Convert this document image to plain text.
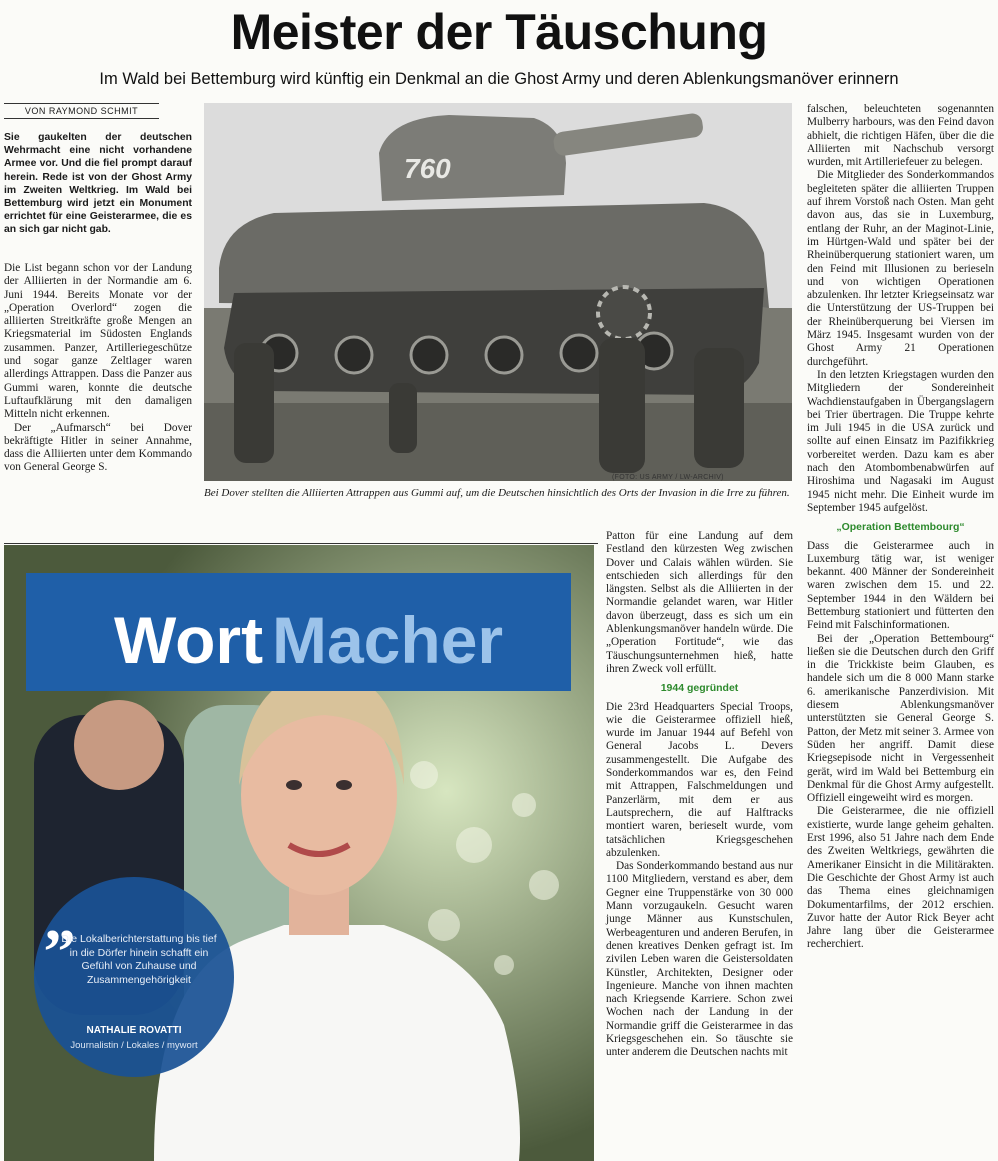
Meister der Täuschung
Im Wald bei Bettemburg wird künftig ein Denkmal an die Ghost Army und deren Ablenkungsmanöver erinnern
VON RAYMOND SCHMIT
Sie gaukelten der deutschen Wehrmacht eine nicht vorhandene Armee vor. Und die fiel prompt darauf herein. Rede ist von der Ghost Army im Zweiten Weltkrieg. Im Wald bei Bettemburg wird jetzt ein Monument errichtet für eine Geisterarmee, die es an sich gar nicht gab.

Die List begann schon vor der Landung der Alliierten in der Normandie am 6. Juni 1944. Bereits Monate vor der „Operation Overlord“ zogen die alliierten Streitkräfte große Mengen an Kriegsmaterial im Südosten Englands zusammen. Panzer, Artilleriegeschütze und sogar ganze Zeltlager waren allerdings Attrappen. Dass die Panzer aus Gummi waren, konnte die deutsche Luftaufklärung mit den damaligen Mitteln nicht erkennen.

Der „Aufmarsch“ bei Dover bekräftigte Hitler in seiner Annahme, dass die Alliierten unter dem Kommando von General George S.

760
(FOTO: US ARMY / LW-ARCHIV)
Bei Dover stellten die Alliierten Attrappen aus Gummi auf, um die Deutschen hinsichtlich des Orts der Invasion in die Irre zu führen.

Patton für eine Landung auf dem Festland den kürzesten Weg zwischen Dover und Calais wählen würden. Sie entschieden sich allerdings für den längsten. Selbst als die Alliierten in der Normandie gelandet waren, war Hitler davon überzeugt, dass es sich um ein Ablenkungsmanöver handeln würde. Die „Operation Fortitude“, wie das Täuschungsunternehmen hieß, hatte ihren Zweck voll erfüllt.

1944 gegründet

Die 23rd Headquarters Special Troops, wie die Geisterarmee offiziell hieß, wurde im Januar 1944 auf Befehl von General Jacobs L. Devers zusammengestellt. Die Aufgabe des Sonderkommandos war es, den Feind mit Attrappen, Falschmeldungen und Panzerlärm, mit dem er aus Lautsprechern, die auf Halftracks montiert waren, berieselt wurde, vom tatsächlichen Kriegsgeschehen abzulenken.

Das Sonderkommando bestand aus nur 1100 Mitgliedern, verstand es aber, dem Gegner eine Truppenstärke von 30 000 Mann vorzugaukeln. Gesucht waren junge Männer aus Kunstschulen, Werbeagenturen und anderen Berufen, in denen kreatives Denken gefragt ist. Im zivilen Leben waren die Geistersoldaten Künstler, Architekten, Designer oder Ingenieure. Manche von ihnen machten nach Kriegsende Karriere. Schon zwei Wochen nach der Landung in der Normandie griff die Geisterarmee in das Kriegsgeschehen ein. So täuschte sie unter anderem die Deutschen nachts mit

falschen, beleuchteten sogenannten Mulberry harbours, was den Feind davon abhielt, die richtigen Häfen, über die die Alliierten mit Nachschub versorgt wurden, mit Artilleriefeuer zu belegen.

Die Mitglieder des Sonderkommandos begleiteten später die alliierten Truppen auf ihrem Vorstoß nach Osten. Man geht davon aus, das sie in Luxemburg, entlang der Ruhr, an der Maginot-Linie, im Hürtgen-Wald und später bei der Rheinüberquerung stationiert waren, um den Feind mit Illusionen zu berieseln und von wichtigen Operationen abzulenken. Ihr letzter Kriegseinsatz war die Unterstützung der US-Truppen bei der Rheinüberquerung bei Viersen im März 1945. Insgesamt wurden von der Ghost Army 21 Operationen durchgeführt.

In den letzten Kriegstagen wurden den Mitgliedern der Sondereinheit Wachdienstaufgaben in Übergangslagern bei Trier übertragen. Die Truppe kehrte im Juli 1945 in die USA zurück und sollte auf einen Einsatz im Pazifikkrieg vorbereitet werden. Dazu kam es aber nach den Atombombenabwürfen auf Hiroshima und Nagasaki im August 1945 nicht mehr. Die Einheit wurde im September 1945 aufgelöst.

„Operation Bettembourg“

Dass die Geisterarmee auch in Luxemburg tätig war, ist weniger bekannt. 400 Männer der Sondereinheit waren zwischen dem 15. und 22. September 1944 in den Wäldern bei Bettemburg stationiert und fütterten den Feind mit Falschinformationen.

Bei der „Operation Bettembourg“ ließen sie die Deutschen durch den Griff in die Trickkiste beim Glauben, es handele sich um die 8 000 Mann starke 6. amerikanische Panzerdivision. Mit diesem Ablenkungsmanöver unterstützten sie General George S. Patton, der Metz mit seiner 3. Armee von Süden her angriff. Damit diese Kriegsepisode nicht in Vergessenheit gerät, wird im Wald bei Bettemburg ein Denkmal für die Ghost Army aufgestellt. Offiziell eingeweiht wird es morgen.

Die Geisterarmee, die nie offiziell existierte, wurde lange geheim gehalten. Erst 1996, also 51 Jahre nach dem Ende des Zweiten Weltkriegs, gewährten die Amerikaner Einsicht in die Militärakten. Die Geschichte der Ghost Army ist auch das Thema eines gleichnamigen Dokumentarfilms, der 2012 erschien. Zuvor hatte der Autor Rick Beyer acht Jahre lang über die Geisterarmee recherchiert.

Wort Macher
„
Die Lokalberichterstattung bis tief in die Dörfer hinein schafft ein Gefühl von Zuhause und Zusammengehörigkeit
NATHALIE ROVATTI
Journalistin / Lokales / mywort
